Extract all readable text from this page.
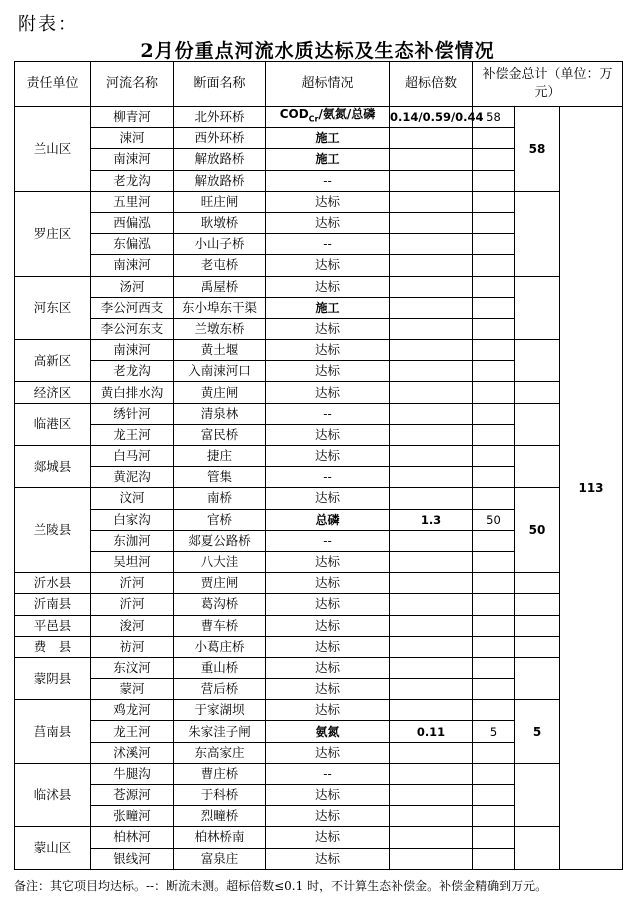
附表：
2月份重点河流水质达标及生态补偿情况
责任单位	河流名称	断面名称	超标情况	超标倍数	补偿金总计（单位：万元）		
兰山区	柳青河	北外环桥	$COD_{Cr}/$氨氮/总磷	0.14/0.59/0.44	58	58	113
	涑河	西外环桥	施工				
	南涑河	解放路桥	施工				
	老龙沟	解放路桥	--				
罗庄区	五里河	旺庄闸	达标				
	西偏泓	耿墩桥	达标				
	东偏泓	小山子桥	--				
	南涑河	老屯桥	达标				
河东区	汤河	禹屋桥	达标				
	李公河西支	东小埠东干渠	施工				
	李公河东支	兰墩东桥	达标				
高新区	南涑河	黄土堰	达标				
	老龙沟	入南涑河口	达标				
经济区	黄白排水沟	黄庄闸	达标				
临港区	绣针河	清泉林	--				
	龙王河	富民桥	达标				
郯城县	白马河	捷庄	达标				
	黄泥沟	管集	--				
兰陵县	汶河	南桥	达标			50	
	白家沟	官桥	总磷	1.3	50		
	东泇河	郯夏公路桥	--				
	吴坦河	八大洼	达标				
沂水县	沂河	贾庄闸	达标				
沂南县	沂河	葛沟桥	达标				
平邑县	浚河	曹车桥	达标				
费　县	祊河	小葛庄桥	达标				
蒙阴县	东汶河	重山桥	达标				
	蒙河	营后桥	达标				
莒南县	鸡龙河	于家湖坝	达标			5	
	龙王河	朱家洼子闸	氨氮	0.11	5		
	沭溪河	东高家庄	达标				
临沭县	牛腿沟	曹庄桥	--				
	苍源河	于科桥	达标				
	张疃河	烈疃桥	达标				
蒙山区	柏林河	柏林桥南	达标				
	银线河	富泉庄	达标				
备注：其它项目均达标。--：断流未测。超标倍数≤0.1 时，不计算生态补偿金。补偿金精确到万元。
